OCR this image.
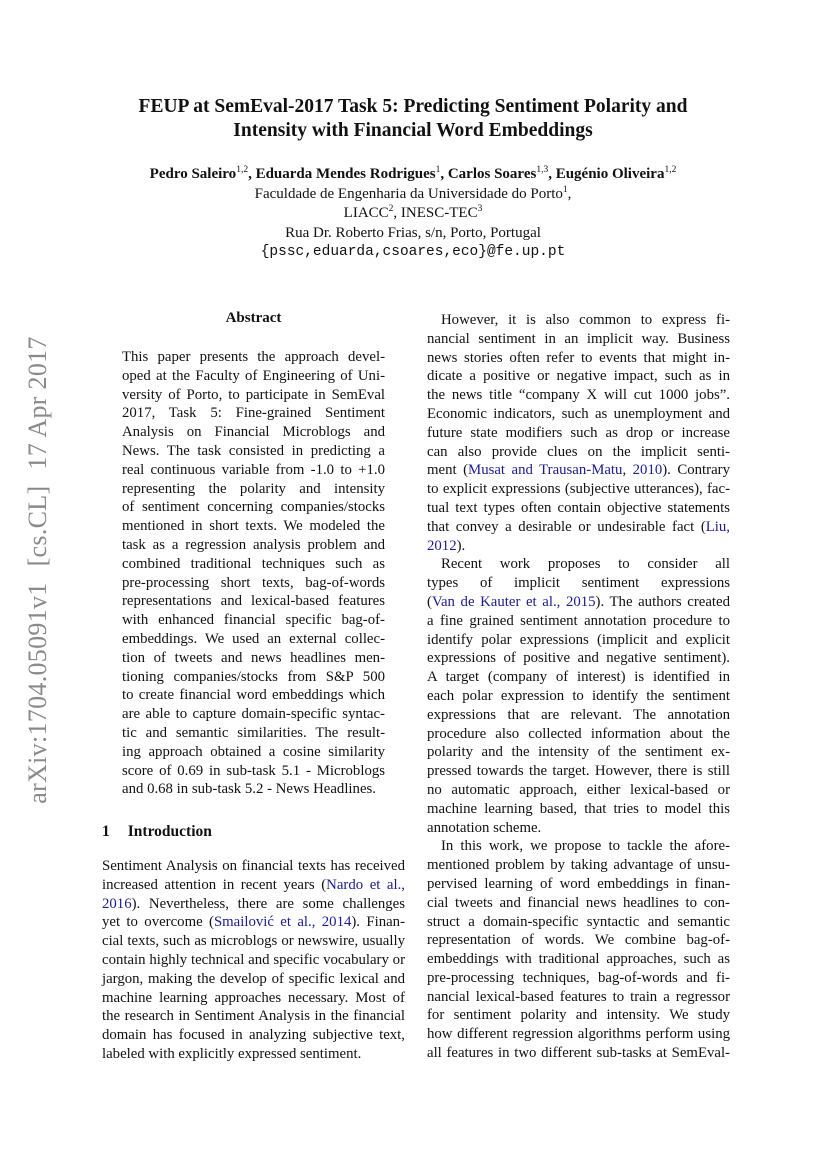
arXiv:1704.05091v1[cs.CL]17 Apr 2017
FEUP at SemEval-2017 Task 5: Predicting Sentiment Polarity and
Intensity with Financial Word Embeddings
Pedro Saleiro$^{1,2}$, Eduarda Mendes Rodrigues$^1$, Carlos Soares$^{1,3}$, Eugénio Oliveira$^{1,2}$
Faculdade de Engenharia da Universidade do Porto$^1$,
LIACC$^2$, INESC-TEC$^3$
Rua Dr. Roberto Frias, s/n, Porto, Portugal
{pssc,eduarda,csoares,eco}@fe.up.pt
Abstract
This paper presents the approach devel-
oped at the Faculty of Engineering of Uni-
versity of Porto, to participate in SemEval
2017, Task 5: Fine-grained Sentiment
Analysis on Financial Microblogs and
News. The task consisted in predicting a
real continuous variable from -1.0 to +1.0
representing the polarity and intensity
of sentiment concerning companies/stocks
mentioned in short texts. We modeled the
task as a regression analysis problem and
combined traditional techniques such as
pre-processing short texts, bag-of-words
representations and lexical-based features
with enhanced financial specific bag-of-
embeddings. We used an external collec-
tion of tweets and news headlines men-
tioning companies/stocks from S&P 500
to create financial word embeddings which
are able to capture domain-specific syntac-
tic and semantic similarities. The result-
ing approach obtained a cosine similarity
score of 0.69 in sub-task 5.1 - Microblogs
and 0.68 in sub-task 5.2 - News Headlines.
1 Introduction
Sentiment Analysis on financial texts has received
increased attention in recent years (Nardo et al.,
2016). Nevertheless, there are some challenges
yet to overcome (Smailović et al., 2014). Finan-
cial texts, such as microblogs or newswire, usually
contain highly technical and specific vocabulary or
jargon, making the develop of specific lexical and
machine learning approaches necessary. Most of
the research in Sentiment Analysis in the financial
domain has focused in analyzing subjective text,
labeled with explicitly expressed sentiment.
However, it is also common to express fi-
nancial sentiment in an implicit way. Business
news stories often refer to events that might in-
dicate a positive or negative impact, such as in
the news title “company X will cut 1000 jobs”.
Economic indicators, such as unemployment and
future state modifiers such as drop or increase
can also provide clues on the implicit senti-
ment (Musat and Trausan-Matu, 2010). Contrary
to explicit expressions (subjective utterances), fac-
tual text types often contain objective statements
that convey a desirable or undesirable fact (Liu,
2012).
Recent work proposes to consider all
types of implicit sentiment expressions
(Van de Kauter et al., 2015). The authors created
a fine grained sentiment annotation procedure to
identify polar expressions (implicit and explicit
expressions of positive and negative sentiment).
A target (company of interest) is identified in
each polar expression to identify the sentiment
expressions that are relevant. The annotation
procedure also collected information about the
polarity and the intensity of the sentiment ex-
pressed towards the target. However, there is still
no automatic approach, either lexical-based or
machine learning based, that tries to model this
annotation scheme.
In this work, we propose to tackle the afore-
mentioned problem by taking advantage of unsu-
pervised learning of word embeddings in finan-
cial tweets and financial news headlines to con-
struct a domain-specific syntactic and semantic
representation of words. We combine bag-of-
embeddings with traditional approaches, such as
pre-processing techniques, bag-of-words and fi-
nancial lexical-based features to train a regressor
for sentiment polarity and intensity. We study
how different regression algorithms perform using
all features in two different sub-tasks at SemEval-
